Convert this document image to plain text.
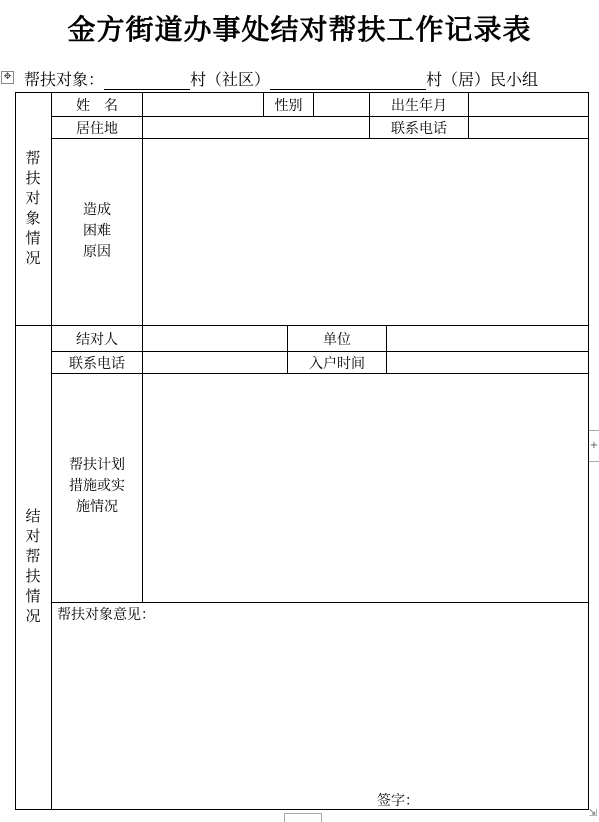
金方街道办事处结对帮扶工作记录表
✥
+
⇲
帮扶对象：	村（社区）	村（居）民小组
帮
扶
对
象
情
况
姓　名	性别	出生年月
居住地	联系电话
造成
困难
原因
结
对
帮
扶
情
况
结对人	单位
联系电话	入户时间
帮扶计划
措施或实
施情况
帮扶对象意见：
签字：
